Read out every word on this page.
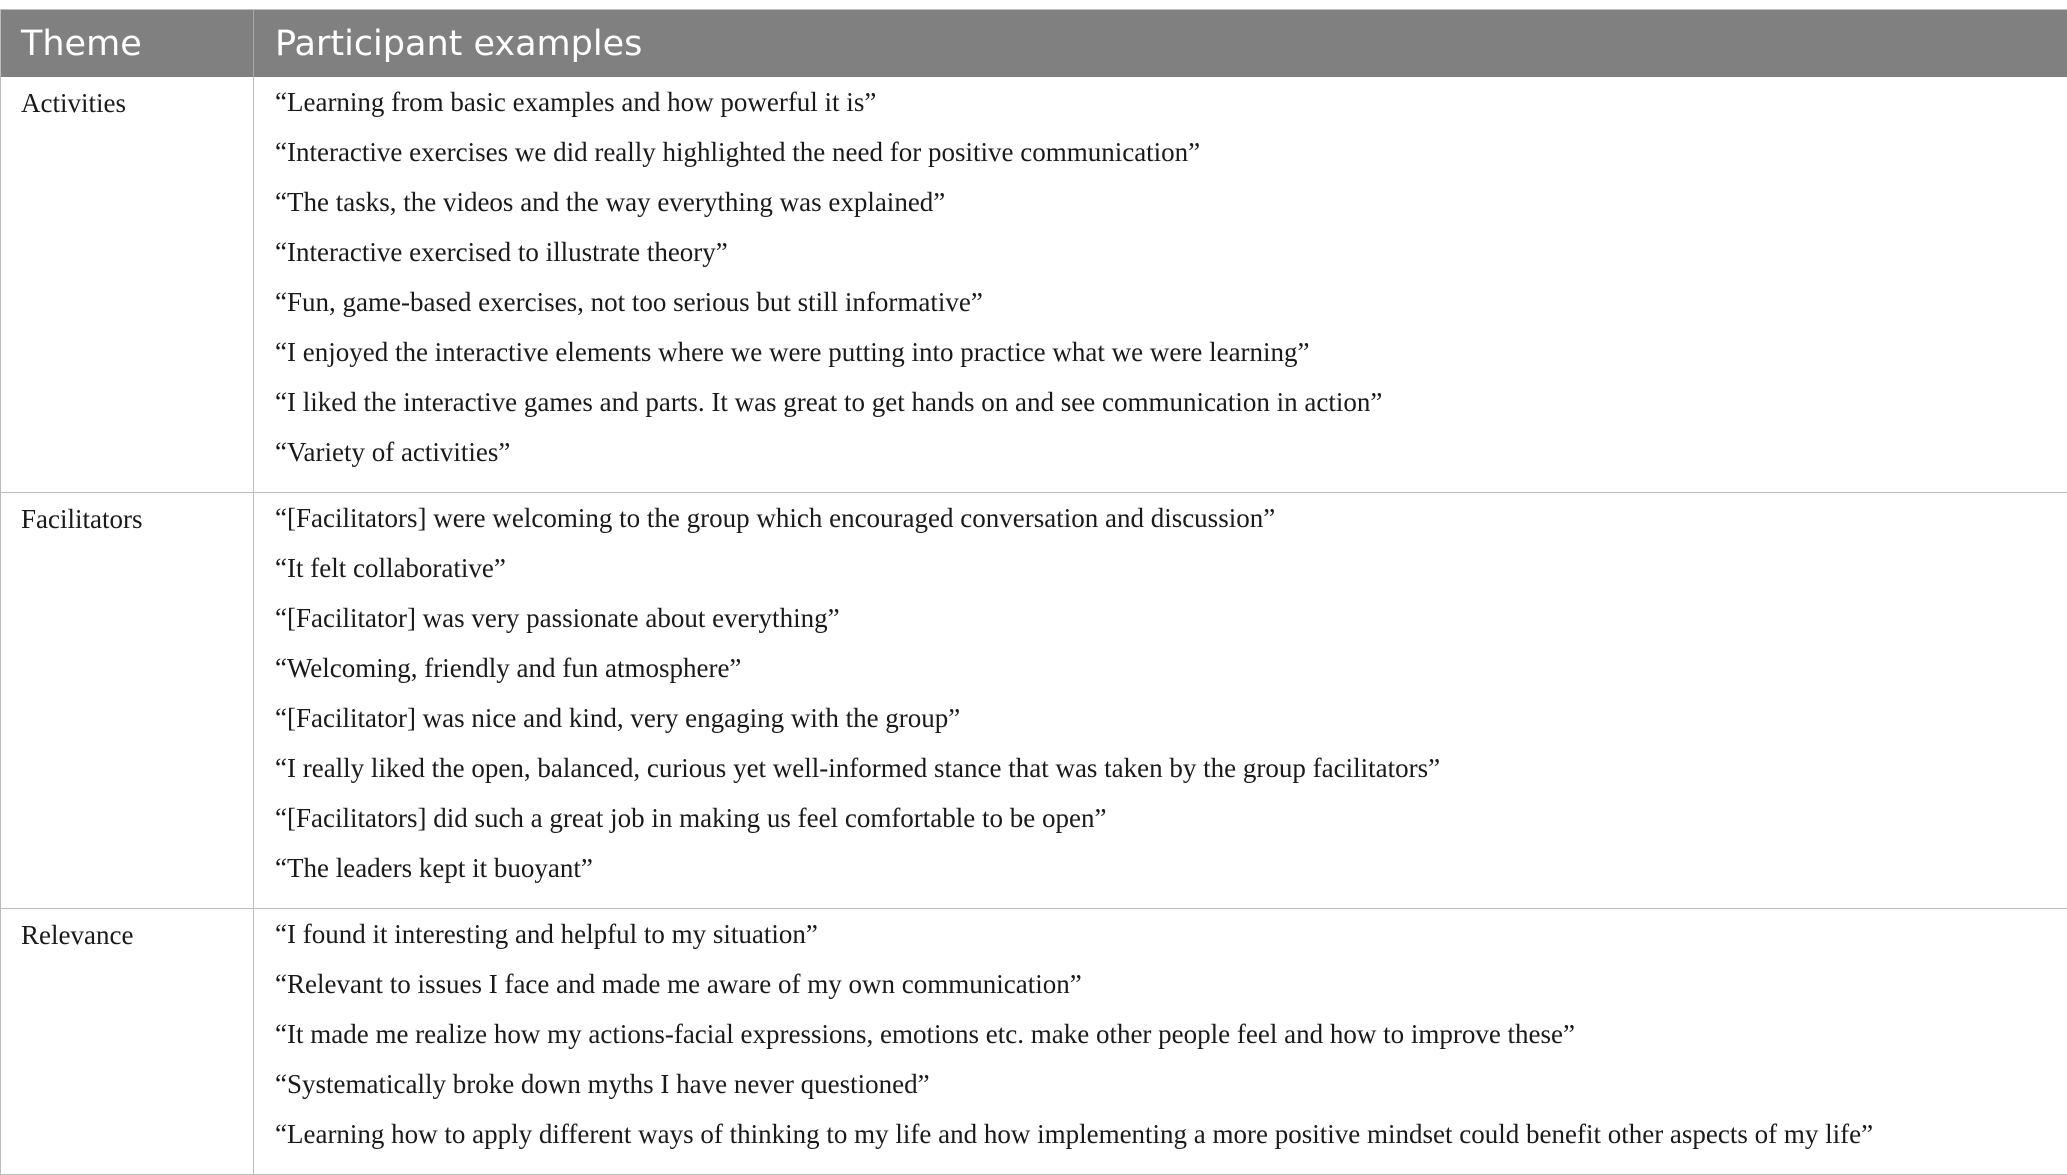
Theme	Participant examples
Activities	“Learning from basic examples and how powerful it is”
“Interactive exercises we did really highlighted the need for positive communication”
“The tasks, the videos and the way everything was explained”
“Interactive exercised to illustrate theory”
“Fun, game-based exercises, not too serious but still informative”
“I enjoyed the interactive elements where we were putting into practice what we were learning”
“I liked the interactive games and parts. It was great to get hands on and see communication in action”
“Variety of activities”
Facilitators	“[Facilitators] were welcoming to the group which encouraged conversation and discussion”
“It felt collaborative”
“[Facilitator] was very passionate about everything”
“Welcoming, friendly and fun atmosphere”
“[Facilitator] was nice and kind, very engaging with the group”
“I really liked the open, balanced, curious yet well-informed stance that was taken by the group facilitators”
“[Facilitators] did such a great job in making us feel comfortable to be open”
“The leaders kept it buoyant”
Relevance	“I found it interesting and helpful to my situation”
“Relevant to issues I face and made me aware of my own communication”
“It made me realize how my actions-facial expressions, emotions etc. make other people feel and how to improve these”
“Systematically broke down myths I have never questioned”
“Learning how to apply different ways of thinking to my life and how implementing a more positive mindset could benefit other aspects of my life”
